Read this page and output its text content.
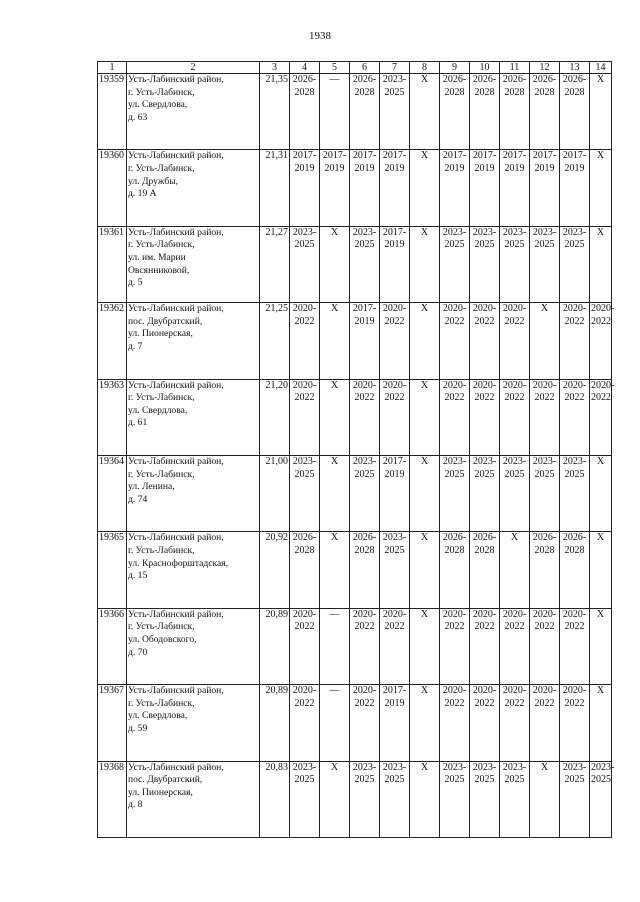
1938
1	2	3	4	5	6	7	8	9	10	11	12	13	14
19359	Усть-Лабинский район,
г. Усть-Лабинск,
ул. Свердлова,
д. 63	21,35	2026-
2028	—	2026-
2028	2023-
2025	X	2026-
2028	2026-
2028	2026-
2028	2026-
2028	2026-
2028	X

19360	Усть-Лабинский район,
г. Усть-Лабинск,
ул. Дружбы,
д. 19 А	21,31	2017-
2019	2017-
2019	2017-
2019	2017-
2019	X	2017-
2019	2017-
2019	2017-
2019	2017-
2019	2017-
2019	X

19361	Усть-Лабинский район,
г. Усть-Лабинск,
ул. им. Марии
Овсянниковой,
д. 5	21,27	2023-
2025	X	2023-
2025	2017-
2019	X	2023-
2025	2023-
2025	2023-
2025	2023-
2025	2023-
2025	X

19362	Усть-Лабинский район,
пос. Двубратский,
ул. Пионерская,
д. 7	21,25	2020-
2022	X	2017-
2019	2020-
2022	X	2020-
2022	2020-
2022	2020-
2022	X	2020-
2022	2020-
2022

19363	Усть-Лабинский район,
г. Усть-Лабинск,
ул. Свердлова,
д. 61	21,20	2020-
2022	X	2020-
2022	2020-
2022	X	2020-
2022	2020-
2022	2020-
2022	2020-
2022	2020-
2022	2020-
2022

19364	Усть-Лабинский район,
г. Усть-Лабинск,
ул. Ленина,
д. 74	21,00	2023-
2025	X	2023-
2025	2017-
2019	X	2023-
2025	2023-
2025	2023-
2025	2023-
2025	2023-
2025	X

19365	Усть-Лабинский район,
г. Усть-Лабинск,
ул. Краснофорштадская,
д. 15	20,92	2026-
2028	X	2026-
2028	2023-
2025	X	2026-
2028	2026-
2028	X	2026-
2028	2026-
2028	X

19366	Усть-Лабинский район,
г. Усть-Лабинск,
ул. Ободовского,
д. 70	20,89	2020-
2022	—	2020-
2022	2020-
2022	X	2020-
2022	2020-
2022	2020-
2022	2020-
2022	2020-
2022	X

19367	Усть-Лабинский район,
г. Усть-Лабинск,
ул. Свердлова,
д. 59	20,89	2020-
2022	—	2020-
2022	2017-
2019	X	2020-
2022	2020-
2022	2020-
2022	2020-
2022	2020-
2022	X

19368	Усть-Лабинский район,
пос. Двубратский,
ул. Пионерская,
д. 8	20,83	2023-
2025	X	2023-
2025	2023-
2025	X	2023-
2025	2023-
2025	2023-
2025	X	2023-
2025	2023-
2025
